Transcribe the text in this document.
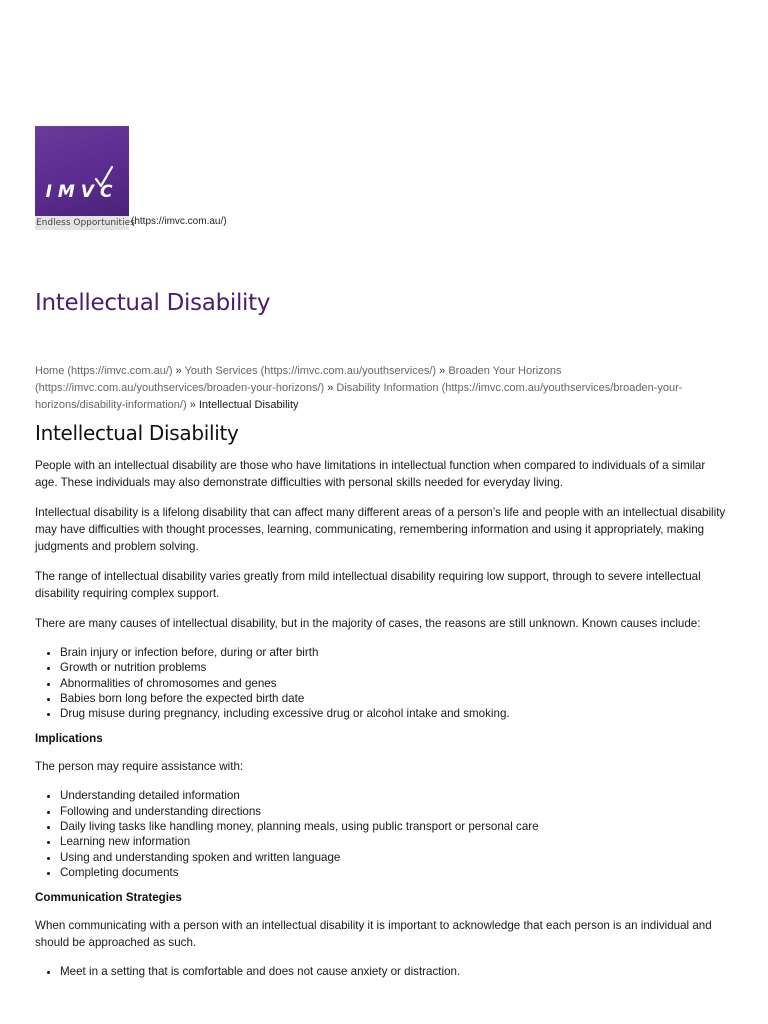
IMVC
Endless Opportunities
(https://imvc.com.au/)
Intellectual Disability
Home (https://imvc.com.au/) » Youth Services (https://imvc.com.au/youthservices/) » Broaden Your Horizons (https://imvc.com.au/youthservices/broaden-your-horizons/) » Disability Information (https://imvc.com.au/youthservices/broaden-your-horizons/disability-information/) » Intellectual Disability
Intellectual Disability

People with an intellectual disability are those who have limitations in intellectual function when compared to individuals of a similar age. These individuals may also demonstrate difficulties with personal skills needed for everyday living.

Intellectual disability is a lifelong disability that can affect many different areas of a person’s life and people with an intellectual disability may have difficulties with thought processes, learning, communicating, remembering information and using it appropriately, making judgments and problem solving.

The range of intellectual disability varies greatly from mild intellectual disability requiring low support, through to severe intellectual disability requiring complex support.

There are many causes of intellectual disability, but in the majority of cases, the reasons are still unknown. Known causes include:

• Brain injury or infection before, during or after birth
• Growth or nutrition problems
• Abnormalities of chromosomes and genes
• Babies born long before the expected birth date
• Drug misuse during pregnancy, including excessive drug or alcohol intake and smoking.
Implications

The person may require assistance with:

• Understanding detailed information
• Following and understanding directions
• Daily living tasks like handling money, planning meals, using public transport or personal care
• Learning new information
• Using and understanding spoken and written language
• Completing documents
Communication Strategies

When communicating with a person with an intellectual disability it is important to acknowledge that each person is an individual and should be approached as such.

• Meet in a setting that is comfortable and does not cause anxiety or distraction.
